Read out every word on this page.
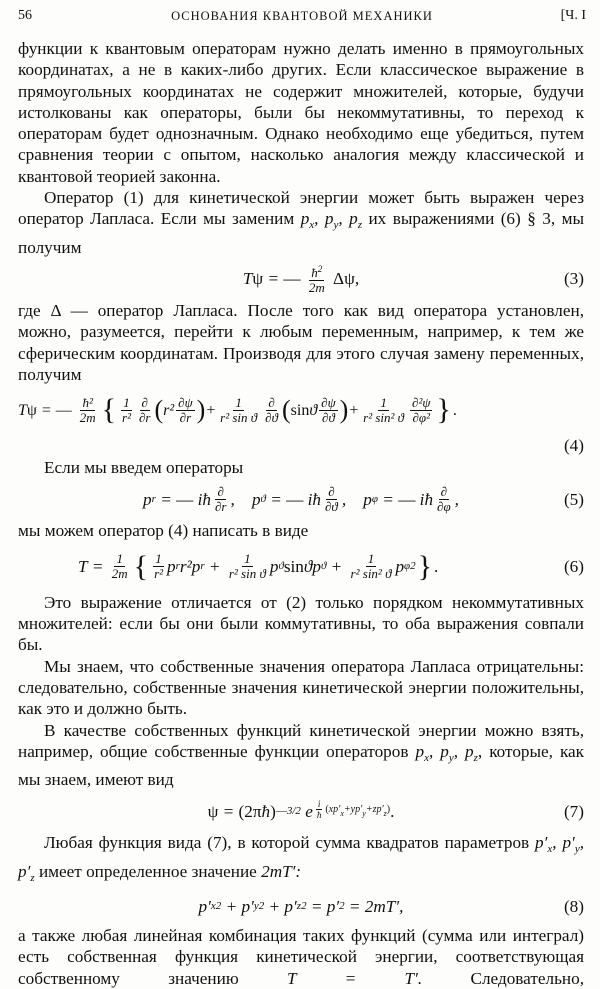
56	ОСНОВАНИЯ КВАНТОВОЙ МЕХАНИКИ	[Ч. I

функции к квантовым операторам нужно делать именно в прямоугольных координатах, а не в каких-либо других. Если классическое выражение в прямоугольных координатах не содержит множителей, которые, будучи истолкованы как операторы, были бы некоммутативны, то переход к операторам будет однозначным. Однако необходимо еще убедиться, путем сравнения теории с опытом, насколько аналогия между классической и квантовой теорией законна.

Оператор (1) для кинетической энергии может быть выражен через оператор Лапласа. Если мы заменим $p_x$, $p_y$, $p_z$ их выражениями (6) § 3, мы получим

T ψ = —
$\frac{ħ^2}{2m}$
Δψ,	(3)

где Δ — оператор Лапласа. После того как вид оператора установлен, можно, разумеется, перейти к любым переменным, например, к тем же сферическим координатам. Производя для этого случая замену переменных, получим

T ψ = —
$\frac{\text{ħ²}}{2m}$ { $\frac{1}{\text{r²}} \frac{\partial}{\partial r}$ ( $r^2 \frac{\partial\psi}{\partial r}$ ) + $\frac{1}{\text{r² sin ϑ}} \frac{\partial}{\partial ϑ}$ ( sin ϑ $\frac{\partial\psi}{\partial ϑ}$ ) + $\frac{1}{\text{r² sin² ϑ}} \frac{\text{∂²ψ}}{\text{∂φ²}}$ } .
(4)

Если мы введем операторы

p r = — iħ $\frac{\partial}{\partial r}$ ,    p ϑ = — iħ $\frac{\partial}{\partial ϑ}$ ,    p φ = — iħ $\frac{\partial}{\partial\varphi}$ ,	(5)

мы можем оператор (4) написать в виде

$T = \frac{1}{2m}$ { $\frac{1}{\text{r²}}$ p r r²p $r + \frac{1}{\text{r² sin ϑ}}$ p ϑ sin ϑp $ϑ + \frac{1}{\text{r² sin² ϑ}}$ p φ 2 } .	(6)

Это выражение отличается от (2) только порядком некоммутативных множителей: если бы они были коммутативны, то оба выражения совпали бы.

Мы знаем, что собственные значения оператора Лапласа отрицательны: следовательно, собственные значения кинетической энергии положительны, как это и должно быть.

В качестве собственных функций кинетической энергии можно взять, например, общие собственные функции операторов $p_x$, $p_y$, $p_z$, которые, как мы знаем, имеют вид

ψ = (2π ħ ) —3/2 e $\frac{i}{ħ} (xp'_x+yp'_y+zp'_z)$ .	(7)

Любая функция вида (7), в которой сумма квадратов параметров $p'_x$, $p'_y$, $p'_z$ имеет определенное значение 2mT′:

p′ x 2 + p′ y 2 + p′ z 2 = p′ 2 = 2mT′,	(8)

а также любая линейная комбинация таких функций (сумма или интеграл) есть собственная функция кинетической энергии, соответствующая собственному значению T = T′. Следовательно,
